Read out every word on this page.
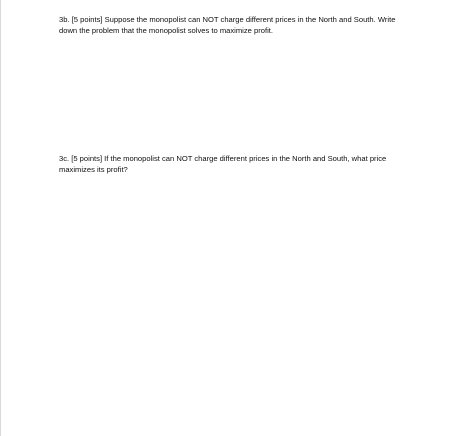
3b. [5 points] Suppose the monopolist can NOT charge different prices in the North and South. Write
down the problem that the monopolist solves to maximize profit.
3c. [5 points] If the monopolist can NOT charge different prices in the North and South, what price
maximizes its profit?
